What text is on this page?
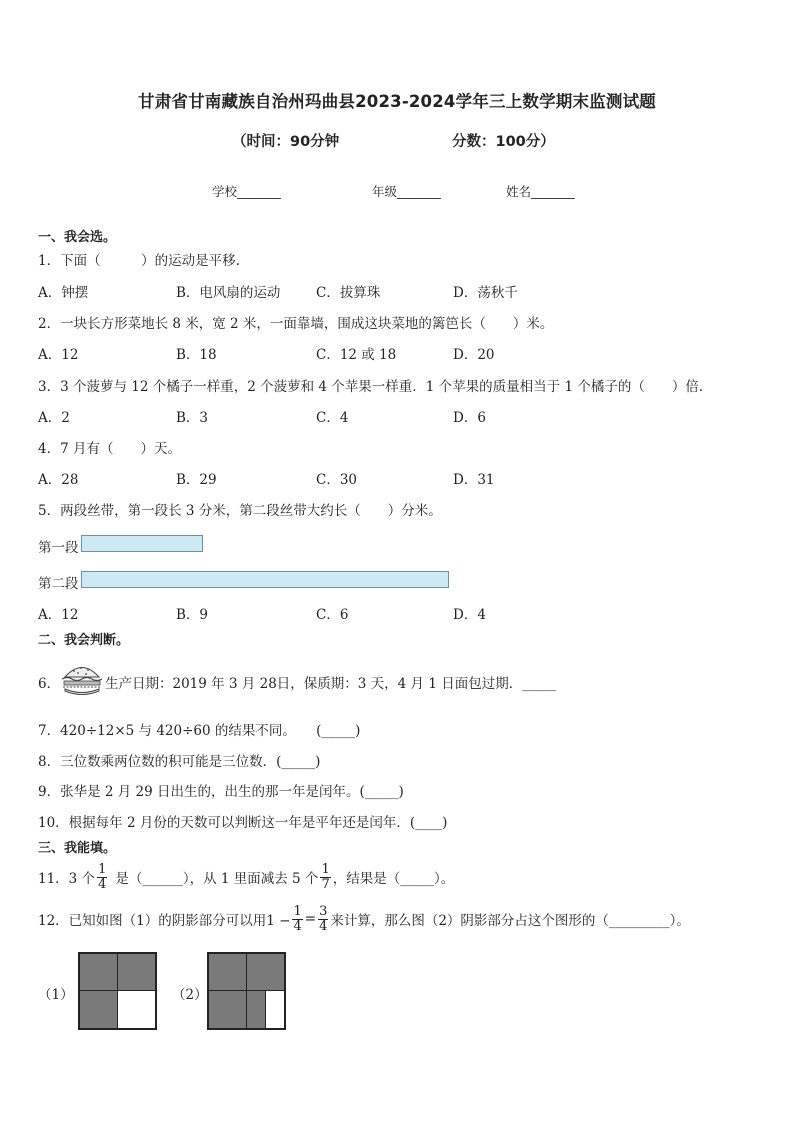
甘肃省甘南藏族自治州玛曲县2023-2024学年三上数学期末监测试题
（时间：90分钟	分数：100分）
学校_______	年级_______	姓名_______
一、我会选。
1．下面（　　　）的运动是平移.
A．钟摆	B．电风扇的运动	C．拔算珠	D．荡秋千
2．一块长方形菜地长 8 米，宽 2 米，一面靠墙，围成这块菜地的篱笆长（　　）米。
A．12	B．18	C．12 或 18	D．20
3．3 个菠萝与 12 个橘子一样重，2 个菠萝和 4 个苹果一样重．1 个苹果的质量相当于 1 个橘子的（　　）倍．
A．2	B．3	C．4	D．6
4．7 月有（　　）天。
A．28	B．29	C．30	D．31
5．两段丝带，第一段长 3 分米，第二段丝带大约长（　　）分米。
第一段
第二段
A．12	B．9	C．6	D．4
二、我会判断。
6．	生产日期：2019 年 3 月 28日，保质期：3 天，4 月 1 日面包过期．_____
7．420÷12×5 与 420÷60 的结果不同。　　(_____)
8．三位数乘两位数的积可能是三位数．(_____)
9．张华是 2 月 29 日出生的，出生的那一年是闰年。(_____)
10．根据每年 2 月份的天数可以判断这一年是平年还是闰年．(____)
三、我能填。
11．3 个 $\frac{1}{4}$ 是（______），从 1 里面减去 5 个 $\frac{1}{7}$ ，结果是（_____）。
12．已知如图（1）的阴影部分可以用$1 - \frac{1}{4} = \frac{3}{4}$ 来计算，那么图（2）阴影部分占这个图形的（_________）。
（1）	（2）
